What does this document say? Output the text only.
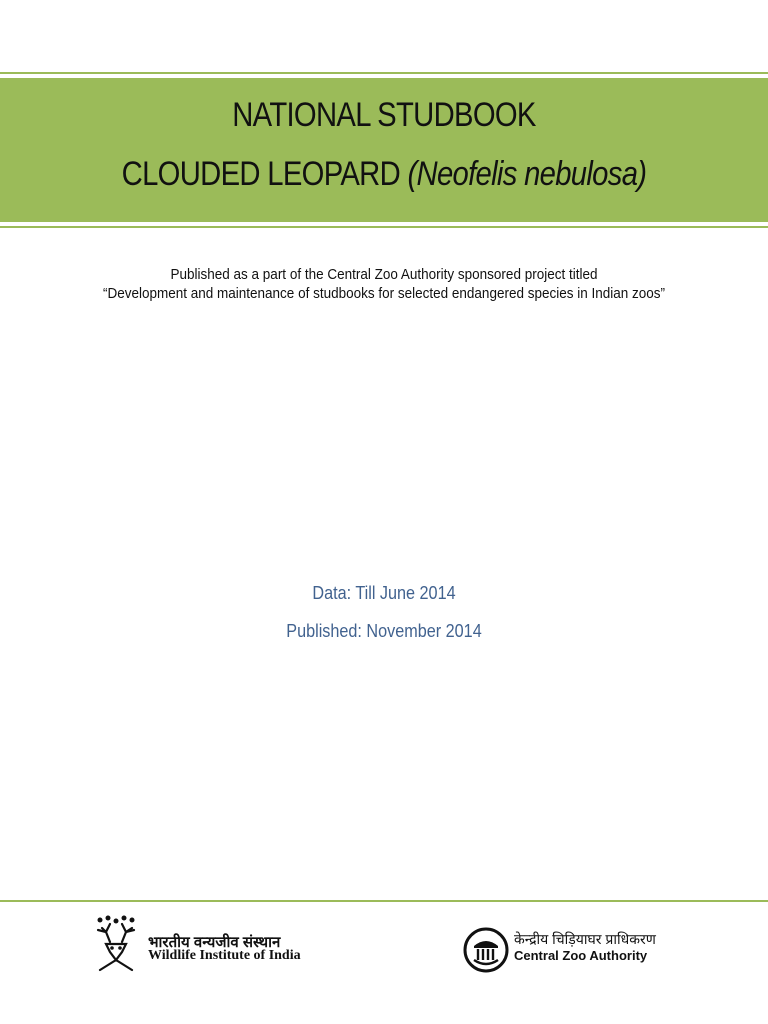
NATIONAL STUDBOOK
CLOUDED LEOPARD (Neofelis nebulosa)
Published as a part of the Central Zoo Authority sponsored project titled
“Development and maintenance of studbooks for selected endangered species in Indian zoos”
Data: Till June 2014
Published: November 2014
भारतीय वन्यजीव संस्थान
Wildlife Institute of India
केन्द्रीय चिड़ियाघर प्राधिकरण
Central Zoo Authority
